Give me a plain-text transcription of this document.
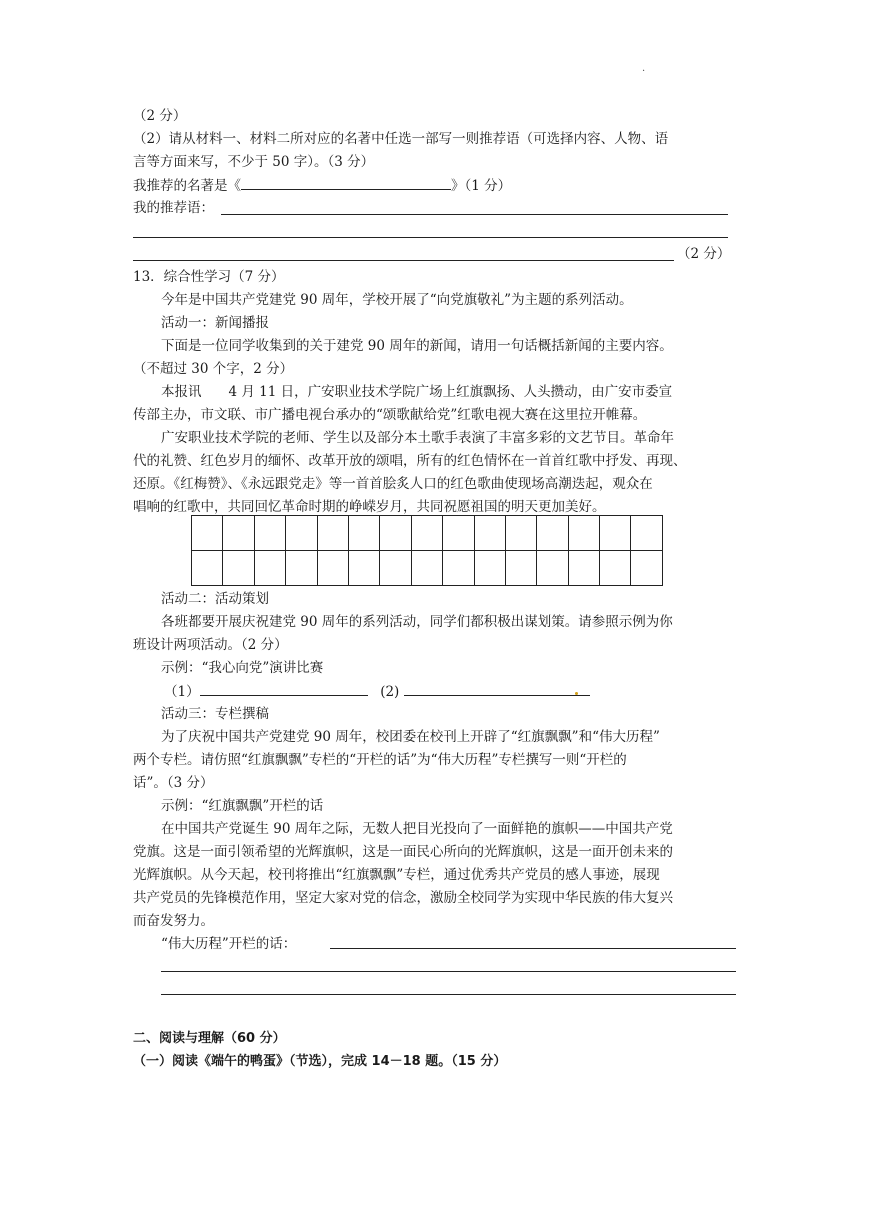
·
（2 分）
（2）请从材料一、材料二所对应的名著中任选一部写一则推荐语（可选择内容、人物、语
言等方面来写，不少于 50 字）。（3 分）
我推荐的名著是《	》（1 分）
我的推荐语：
（2 分）
13．综合性学习（7 分）
今年是中国共产党建党 90 周年，学校开展了“向党旗敬礼”为主题的系列活动。
活动一：新闻播报
下面是一位同学收集到的关于建党 90 周年的新闻，请用一句话概括新闻的主要内容。
（不超过 30 个字，2 分）
本报讯　　4 月 11 日，广安职业技术学院广场上红旗飘扬、人头攒动，由广安市委宣
传部主办，市文联、市广播电视台承办的“颂歌献给党”红歌电视大赛在这里拉开帷幕。
广安职业技术学院的老师、学生以及部分本土歌手表演了丰富多彩的文艺节目。革命年
代的礼赞、红色岁月的缅怀、改革开放的颂唱，所有的红色情怀在一首首红歌中抒发、再现、
还原。《红梅赞》、《永远跟党走》等一首首脍炙人口的红色歌曲使现场高潮迭起，观众在
唱响的红歌中，共同回忆革命时期的峥嵘岁月，共同祝愿祖国的明天更加美好。

活动二：活动策划
各班都要开展庆祝建党 90 周年的系列活动，同学们都积极出谋划策。请参照示例为你
班设计两项活动。（2 分）
示例：“我心向党”演讲比赛
（1）	(2)
活动三：专栏撰稿
为了庆祝中国共产党建党 90 周年，校团委在校刊上开辟了“红旗飘飘”和“伟大历程”
两个专栏。请仿照“红旗飘飘”专栏的“开栏的话”为“伟大历程”专栏撰写一则“开栏的
话”。（3 分）
示例：“红旗飘飘”开栏的话
在中国共产党诞生 90 周年之际，无数人把目光投向了一面鲜艳的旗帜——中国共产党
党旗。这是一面引领希望的光辉旗帜，这是一面民心所向的光辉旗帜，这是一面开创未来的
光辉旗帜。从今天起，校刊将推出“红旗飘飘”专栏，通过优秀共产党员的感人事迹，展现
共产党员的先锋模范作用，坚定大家对党的信念，激励全校同学为实现中华民族的伟大复兴
而奋发努力。
“伟大历程”开栏的话：
二、阅读与理解（60 分）
（一）阅读《端午的鸭蛋》（节选），完成 14－18 题。（15 分）
